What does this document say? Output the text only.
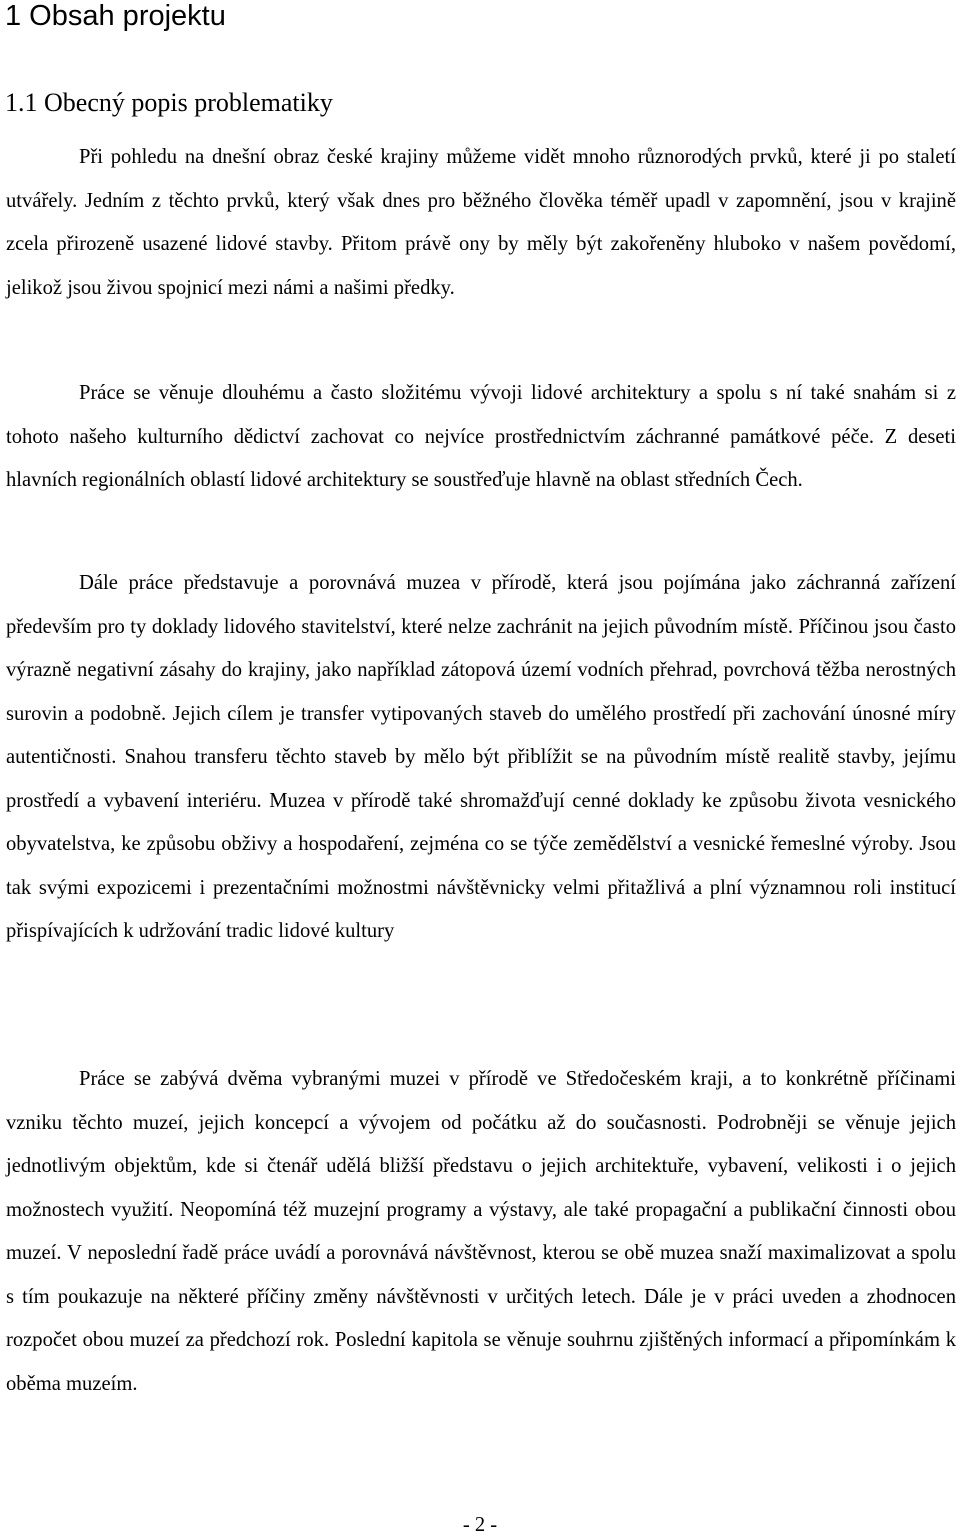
1 Obsah projektu
1.1 Obecný popis problematiky

Při pohledu na dnešní obraz české krajiny můžeme vidět mnoho různorodých prvků, které ji po staletí utvářely. Jedním z těchto prvků, který však dnes pro běžného člověka téměř upadl v zapomnění, jsou v krajině zcela přirozeně usazené lidové stavby. Přitom právě ony by měly být zakořeněny hluboko v našem povědomí, jelikož jsou živou spojnicí mezi námi a našimi předky.

Práce se věnuje dlouhému a často složitému vývoji lidové architektury a spolu s ní také snahám si z tohoto našeho kulturního dědictví zachovat co nejvíce prostřednictvím záchranné památkové péče. Z deseti hlavních regionálních oblastí lidové architektury se soustřeďuje hlavně na oblast středních Čech.

Dále práce představuje a porovnává muzea v přírodě, která jsou pojímána jako záchranná zařízení především pro ty doklady lidového stavitelství, které nelze zachránit na jejich původním místě. Příčinou jsou často výrazně negativní zásahy do krajiny, jako například zátopová území vodních přehrad, povrchová těžba nerostných surovin a podobně. Jejich cílem je transfer vytipovaných staveb do umělého prostředí při zachování únosné míry autentičnosti. Snahou transferu těchto staveb by mělo být přiblížit se na původním místě realitě stavby, jejímu prostředí a vybavení interiéru. Muzea v přírodě také shromažďují cenné doklady ke způsobu života vesnického obyvatelstva, ke způsobu obživy a hospodaření, zejména co se týče zemědělství a vesnické řemeslné výroby. Jsou tak svými expozicemi i prezentačními možnostmi návštěvnicky velmi přitažlivá a plní významnou roli institucí přispívajících k udržování tradic lidové kultury

Práce se zabývá dvěma vybranými muzei v přírodě ve Středočeském kraji, a to konkrétně příčinami vzniku těchto muzeí, jejich koncepcí a vývojem od počátku až do současnosti. Podrobněji se věnuje jejich jednotlivým objektům, kde si čtenář udělá bližší představu o jejich architektuře, vybavení, velikosti i o jejich možnostech využití. Neopomíná též muzejní programy a výstavy, ale také propagační a publikační činnosti obou muzeí. V neposlední řadě práce uvádí a porovnává návštěvnost, kterou se obě muzea snaží maximalizovat a spolu s tím poukazuje na některé příčiny změny návštěvnosti v určitých letech. Dále je v práci uveden a zhodnocen rozpočet obou muzeí za předchozí rok. Poslední kapitola se věnuje souhrnu zjištěných informací a připomínkám k oběma muzeím.

- 2 -
